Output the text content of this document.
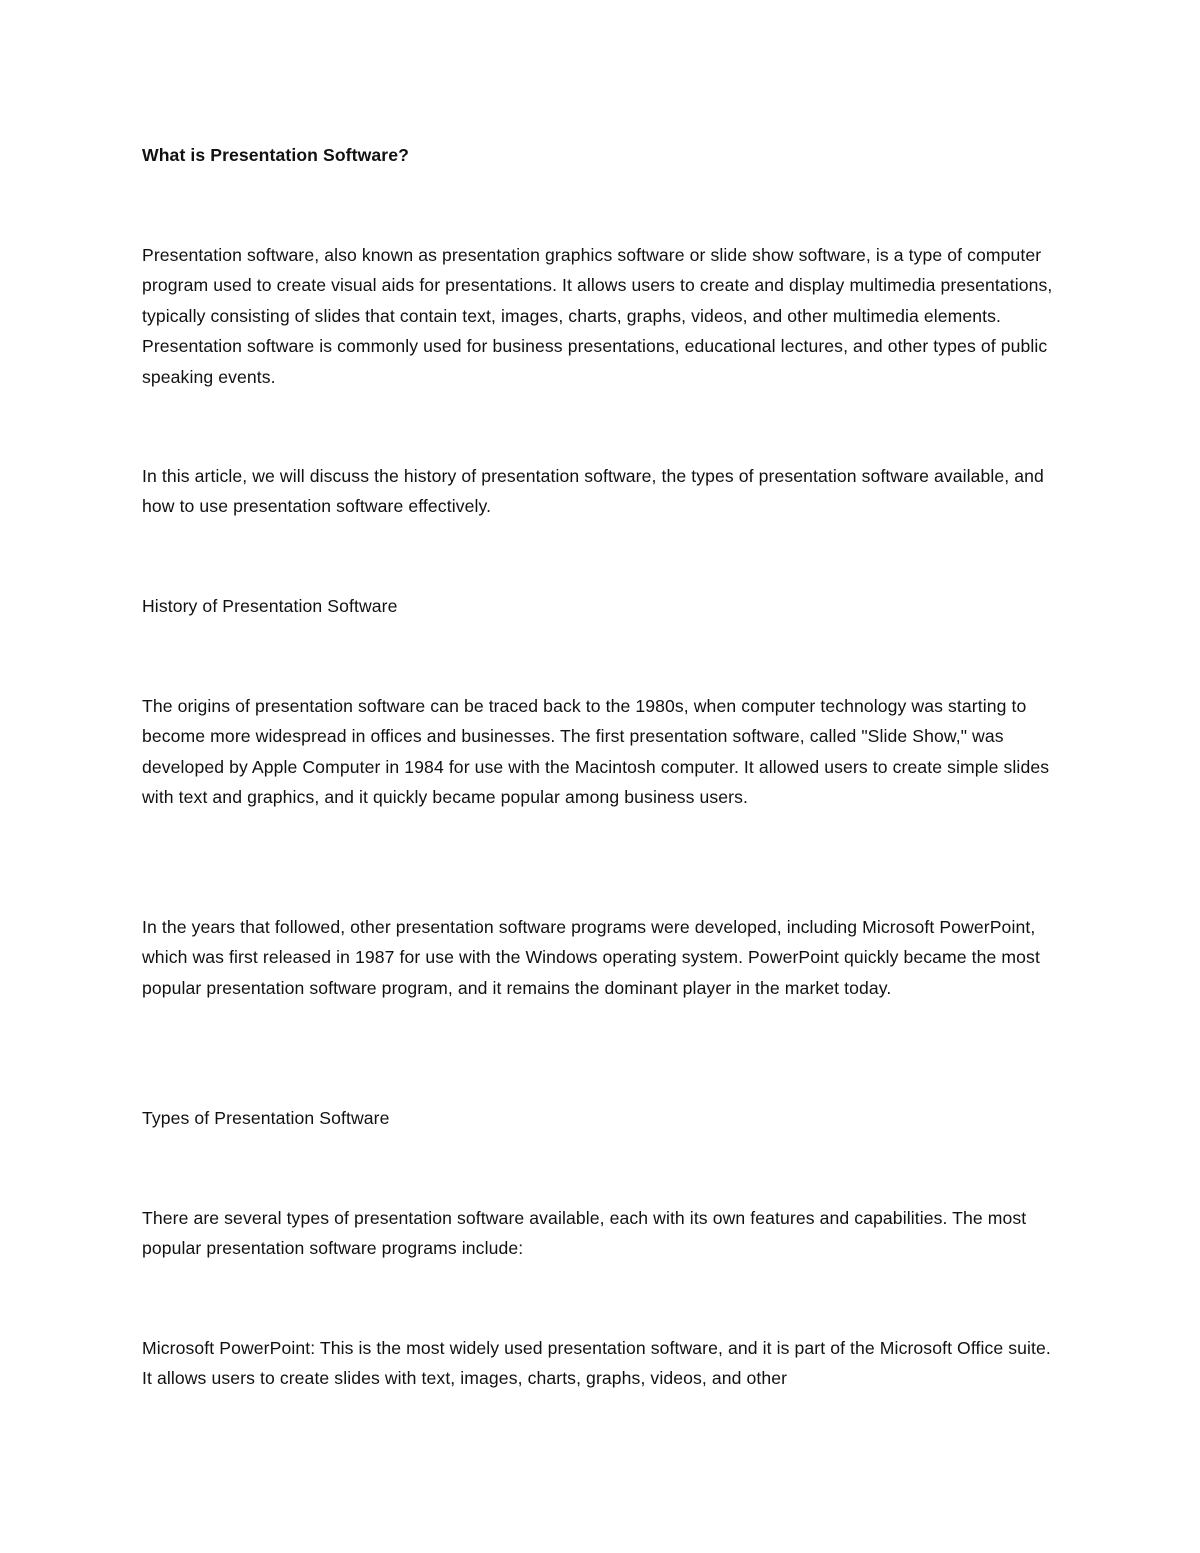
What is Presentation Software?

Presentation software, also known as presentation graphics software or slide show software, is a type of computer program used to create visual aids for presentations. It allows users to create and display multimedia presentations, typically consisting of slides that contain text, images, charts, graphs, videos, and other multimedia elements. Presentation software is commonly used for business presentations, educational lectures, and other types of public speaking events.

In this article, we will discuss the history of presentation software, the types of presentation software available, and how to use presentation software effectively.

History of Presentation Software

The origins of presentation software can be traced back to the 1980s, when computer technology was starting to become more widespread in offices and businesses. The first presentation software, called "Slide Show," was developed by Apple Computer in 1984 for use with the Macintosh computer. It allowed users to create simple slides with text and graphics, and it quickly became popular among business users.

In the years that followed, other presentation software programs were developed, including Microsoft PowerPoint, which was first released in 1987 for use with the Windows operating system. PowerPoint quickly became the most popular presentation software program, and it remains the dominant player in the market today.

Types of Presentation Software

There are several types of presentation software available, each with its own features and capabilities. The most popular presentation software programs include:

Microsoft PowerPoint: This is the most widely used presentation software, and it is part of the Microsoft Office suite. It allows users to create slides with text, images, charts, graphs, videos, and other
